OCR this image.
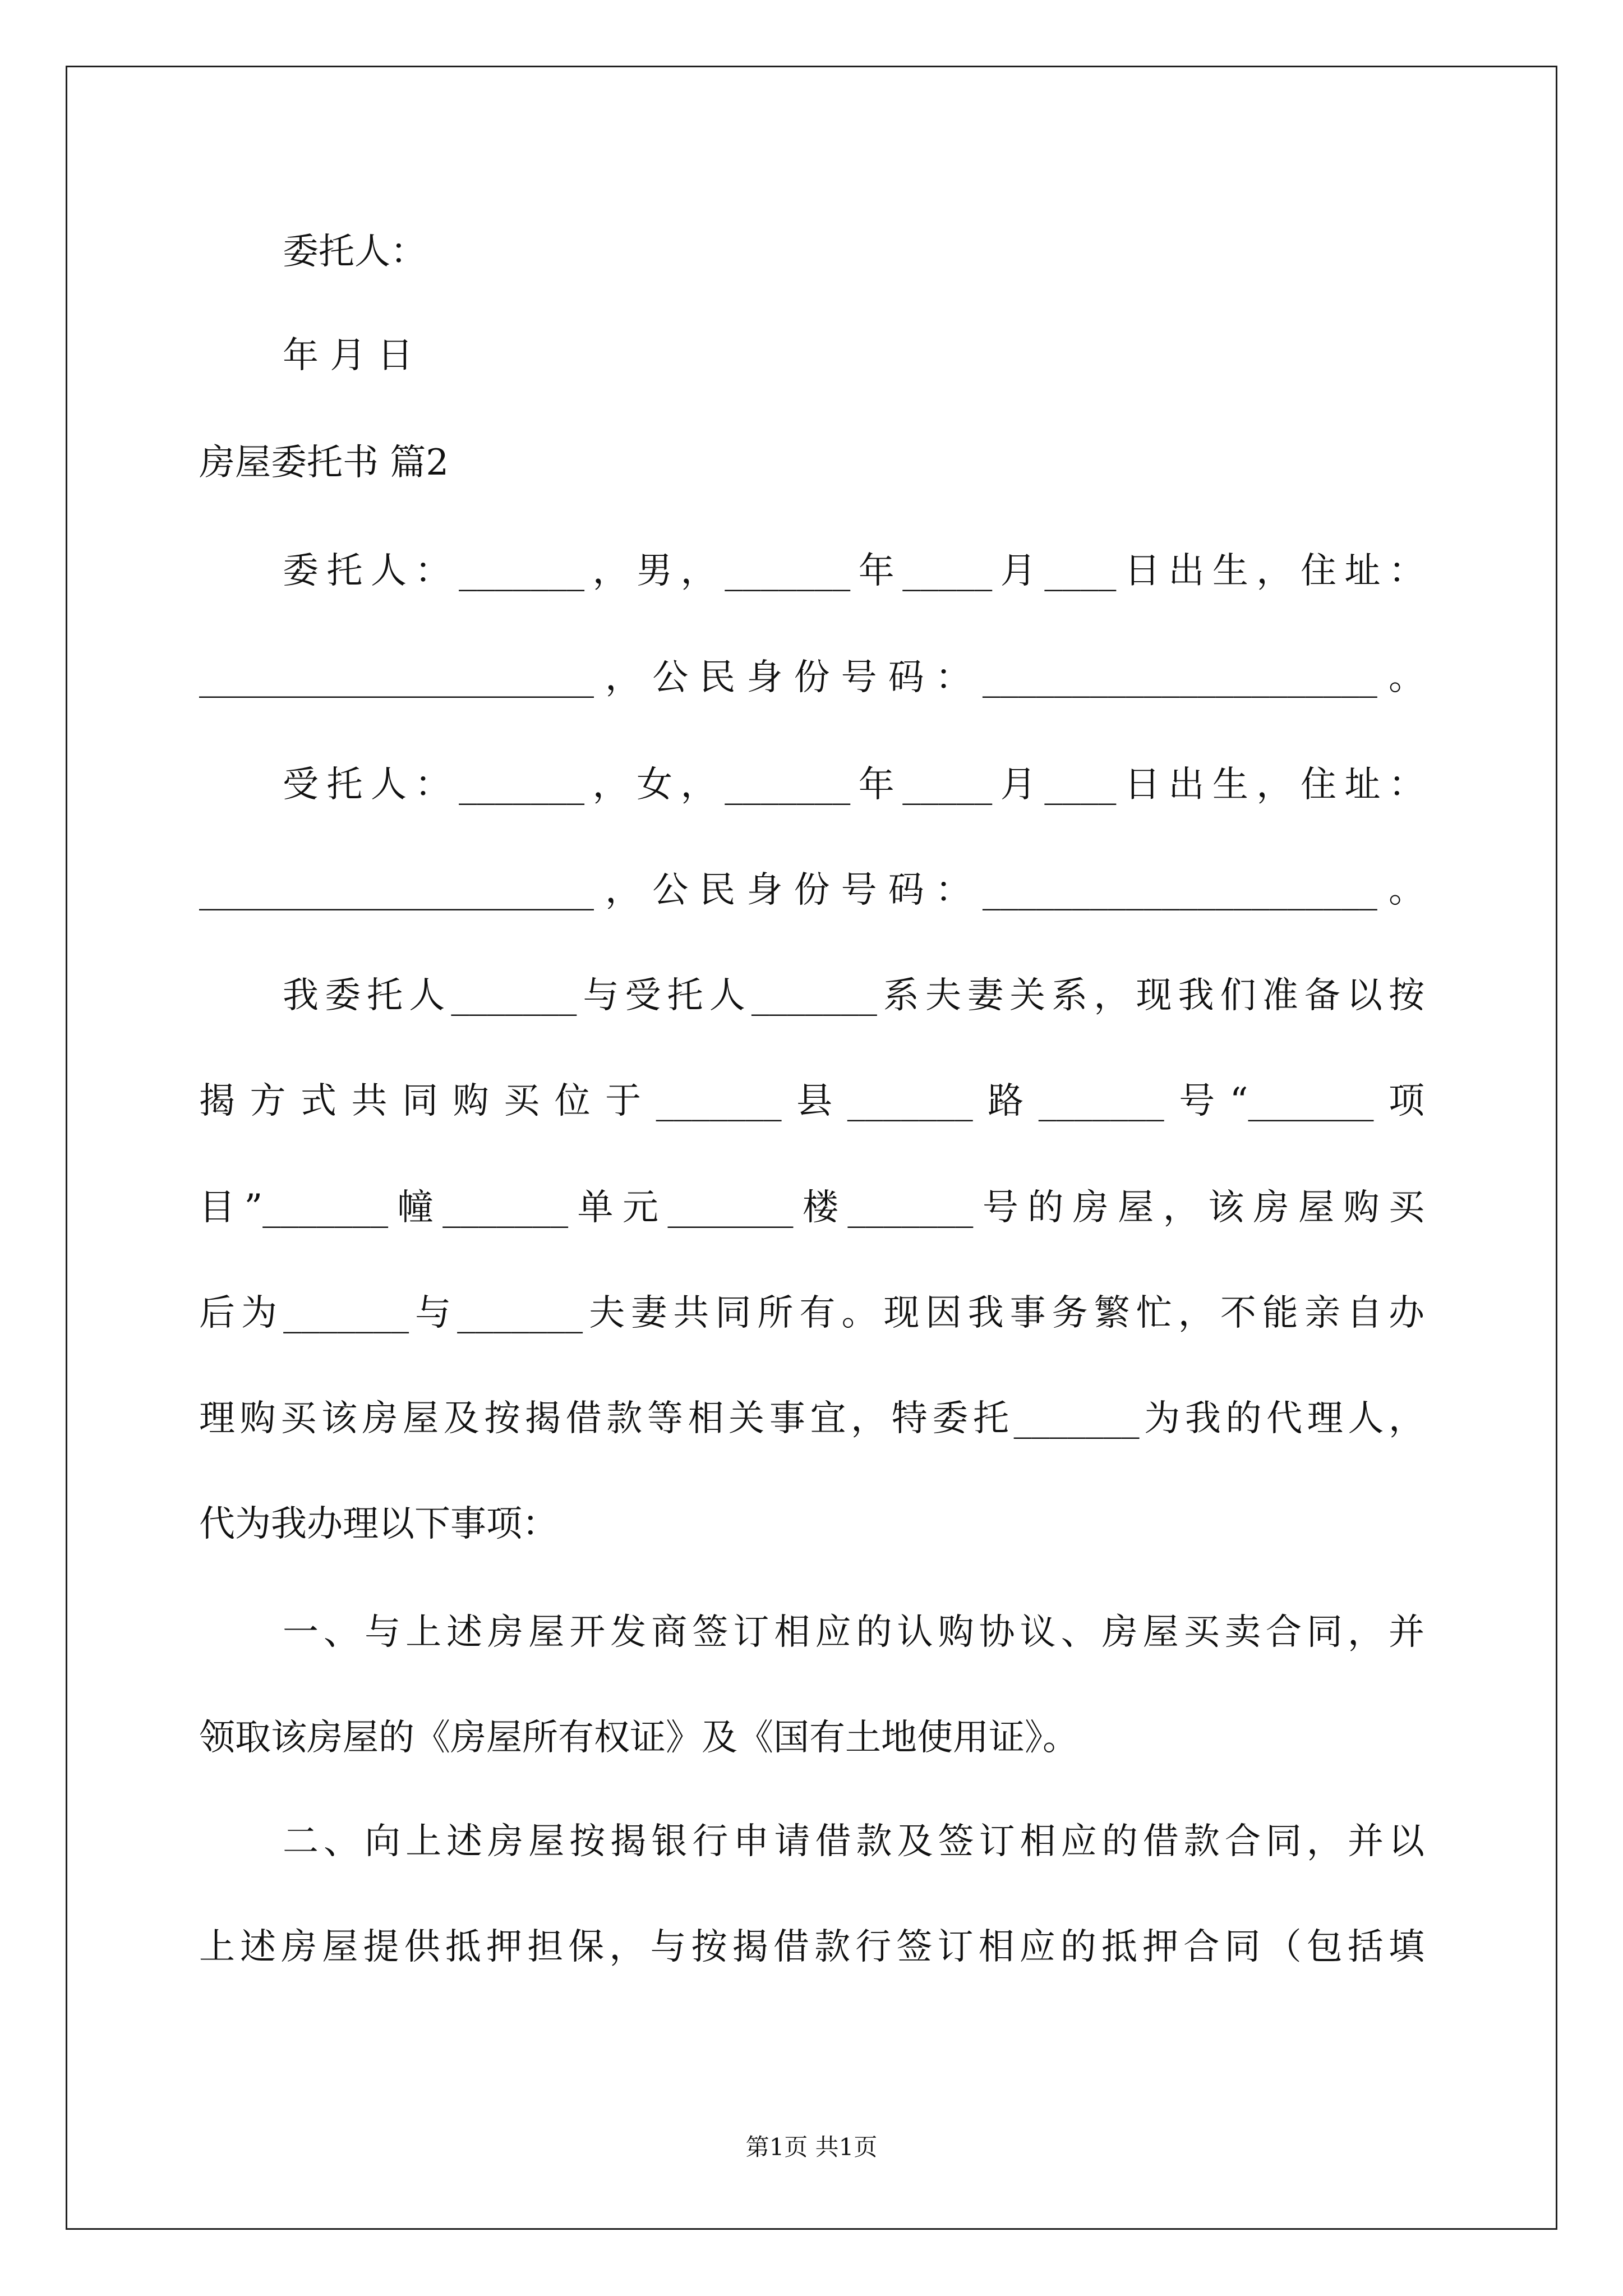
委托人：
年 月 日
房屋委托书 篇2
委托人：_______，男，_______年_____月____日出生，住址：
______________________，公民身份号码：______________________。
受托人：_______，女，_______年_____月____日出生，住址：
______________________，公民身份号码：______________________。
我委托人_______与受托人_______系夫妻关系，现我们准备以按
揭方式共同购买位于_______县_______路_______号“_______项
目”_______幢_______单元_______楼_______号的房屋，该房屋购买
后为_______与_______夫妻共同所有。现因我事务繁忙，不能亲自办
理购买该房屋及按揭借款等相关事宜，特委托_______为我的代理人，
代为我办理以下事项：
一、与上述房屋开发商签订相应的认购协议、房屋买卖合同，并
领取该房屋的《房屋所有权证》及《国有土地使用证》。
二、向上述房屋按揭银行申请借款及签订相应的借款合同，并以
上述房屋提供抵押担保，与按揭借款行签订相应的抵押合同（包括填
第1页 共1页
